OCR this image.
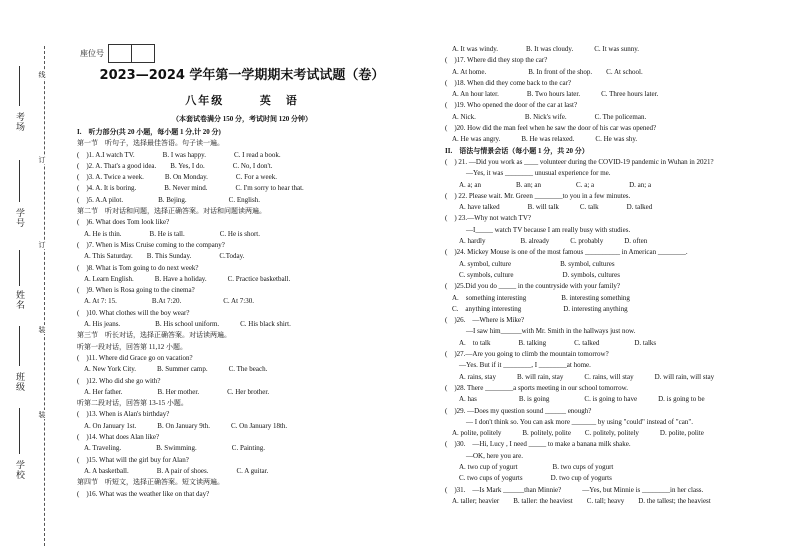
线
订
订
装
装
考场
学号
姓名
班级
学校
座位号
2023—2024 学年第一学期期末考试试题（卷）
八年级	英　语
（本套试卷满分 150 分，考试时间 120 分钟）
I.　听力部分(共 20 小题，每小题 1 分,计 20 分)
第一节　听句子，选择最佳答语。句子读一遍。
(　)1. A.I watch TV.　　　　B. I was happy.　　　　C. I read a book.
(　)2. A. That's a good idea.　　B. Yes, I do.　　　　C. No, I don't.
(　)3. A. Twice a week.　　　B. On Monday.　　　　C. For a week.
(　)4. A. It is boring.　　　　B. Never mind.　　　　C. I'm sorry to hear that.
(　)5. A.A pilot.　　　　　B. Bejing.　　　　　　C. English.
第二节　听对话和问题，选择正确答案。对话和问题读两遍。
(　)6. What does Tom look like?
　A. He is thin.　　　　B. He is tall.　　　　　C. He is short.
(　)7. When is Miss Cruise coming to the company?
　A. This Saturday.　　B. This Sunday.　　　　C.Today.
(　)8. What is Tom going to do next week?
　A. Learn English.　　　B. Have a holiday.　　　C. Practice basketball.
(　)9. When is Rosa going to the cinema?
　A. At 7: 15.　　　　　B.At 7:20.　　　　　　C. At 7:30.
(　)10. What clothes will the boy wear?
　A. His jeans.　　　　　B. His school uniform.　　　C. His black shirt.
第三节　听长对话，选择正确答案。对话读两遍。
听第一段对话，回答第 11,12 小题。
(　)11. Where did Grace go on vacation?
　A. New York City.　　　B. Summer camp.　　　C. The beach.
(　)12. Who did she go with?
　A. Her father.　　　　　B. Her mother.　　　　C. Her brother.
听第二段对话，回答第 13-15 小题。
(　)13. When is Alan's birthday?
　A. On January 1st.　　　B. On January 9th.　　　C. On January 18th.
(　)14. What does Alan like?
　A. Traveling.　　　　　B. Swimming.　　　　　C. Painting.
(　)15. What will the girl buy for Alan?
　A. A basketball.　　　　B. A pair of shoes.　　　　C. A guitar.
第四节　听短文，选择正确答案。短文读两遍。
(　)16. What was the weather like on that day?
　A. It was windy.　　　　B. It was cloudy.　　　C. It was sunny.
(　)17. Where did they stop the car?
　A. At home.　　　　　　B. In front of the shop.　　C. At school.
(　)18. When did they come back to the car?
　A. An hour later.　　　　B. Two hours later.　　　C. Three hours later.
(　)19. Who opened the door of the car at last?
　A. Nick.　　　　　　　B. Nick's wife.　　　　C. The policeman.
(　)20. How did the man feel when he saw the door of his car was opened?
　A. He was angry.　　　B. He was relaxed.　　　C. He was shy.
II.　语法与情景会话（每小题 1 分，共 20 分）
(　) 21. —Did you work as ____ volunteer during the COVID-19 pandemic in Wuhan in 2021?
　　　—Yes, it was ________ unusual experience for me.
　　A. a; an　　　　　B. an; an　　　　　C. a; a　　　　　D. an; a
(　) 22. Please wait. Mr. Green ________to you in a few minutes.
　　A. have talked　　　　B. will talk　　　C. talk　　　　D. talked
(　) 23.—Why not watch TV?
　　　—I_____ watch TV because I am really busy with studies.
　　A. hardly　　　　　B. already　　　C. probably　　　D. often
(　)24. Mickey Mouse is one of the most famous __________ in American ________.
　　A. symbol, culture　　　　　　　B. symbol, cultures
　　C. symbols, culture　　　　　　　D. symbols, cultures
(　)25.Did you do _____ in the countryside with your family?
　A.　something interesting　　　　　B. interesting something
　C.　anything interesting　　　　　　D. interesting anything
(　)26.　—Where is Mike?
　　　—I saw him______with Mr. Smith in the hallways just now.
　　A.　to talk　　　　B. talking　　　　C. talked　　　　　D. talks
(　)27.—Are you going to climb the mountain tomorrow?
　　—Yes. But if it ________, I ________at home.
　　A. rains, stay　　　B. will rain, stay　　　C. rains, will stay　　　D. will rain, will stay
(　)28. There ________a sports meeting in our school tomorrow.
　　A. has　　　　　　B. is going　　　　　C. is going to have　　　D. is going to be
(　)29. —Does my question sound ______ enough?
　　　— I don't think so. You can ask more _______ by using "could" instead of "can".
　A. polite, politely　　　B. politely, polite　　C. politely, politely　　　D. polite, polite
(　)30.　—Hi, Lucy , I need _____ to make a banana milk shake.
　　　—OK, here you are.
　　A. two cup of yogurt　　　　　B. two cups of yogurt
　　C. two cups of yogurts　　　　D. two cup of yogurts
(　)31.　—Is Mark ______than Minnie?　　　—Yes, but Minnie is ________in her class.
　A. taller; heavier　　B. taller: the heaviest　　C. tall; heavy　　D. the tallest; the heaviest
